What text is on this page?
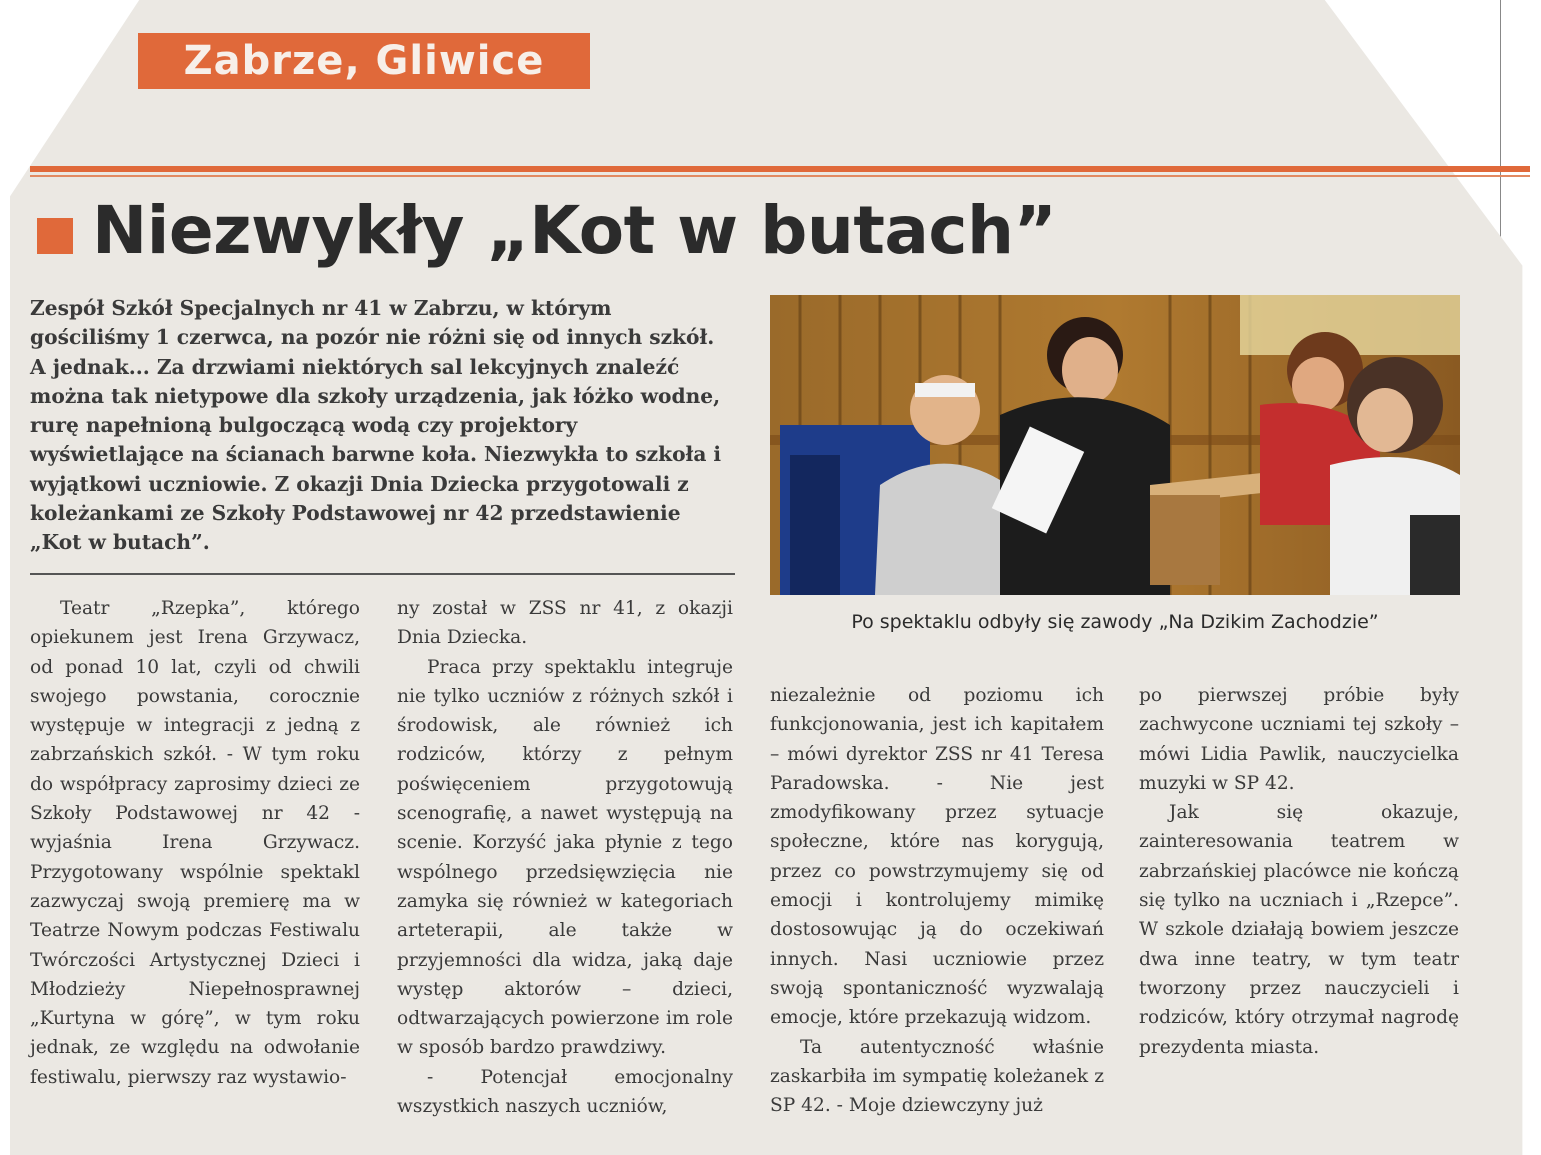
Zabrze, Gliwice
Niezwykły „Kot w butach”
Zespół Szkół Specjalnych nr 41 w Zabrzu, w którym gościliśmy 1 czerwca, na pozór nie różni się od innych szkół. A jednak... Za drzwiami niektórych sal lekcyjnych znaleźć można tak nietypowe dla szkoły urządzenia, jak łóżko wodne, rurę napełnioną bulgoczącą wodą czy projektory wyświetlające na ścianach barwne koła. Niezwykła to szkoła i wyjątkowi uczniowie. Z okazji Dnia Dziecka przygotowali z koleżankami ze Szkoły Podstawowej nr 42 przedstawienie „Kot w butach”.
Po spektaklu odbyły się zawody „Na Dzikim Zachodzie”

Teatr „Rzepka”, którego opiekunem jest Irena Grzywacz, od ponad 10 lat, czyli od chwili swojego powstania, corocznie występuje w integracji z jedną z zabrzańskich szkół. - W tym roku do współpracy zaprosimy dzieci ze Szkoły Podstawowej nr 42 - wyjaśnia Irena Grzywacz. Przygotowany wspólnie spektakl zazwyczaj swoją premierę ma w Teatrze Nowym podczas Festiwalu Twórczości Artystycznej Dzieci i Młodzieży Niepełnosprawnej „Kurtyna w górę”, w tym roku jednak, ze względu na odwołanie festiwalu, pierwszy raz wystawio-

ny został w ZSS nr 41, z okazji Dnia Dziecka.

Praca przy spektaklu integruje nie tylko uczniów z różnych szkół i środowisk, ale również ich rodziców, którzy z pełnym poświęceniem przygotowują scenografię, a nawet występują na scenie. Korzyść jaka płynie z tego wspólnego przedsięwzięcia nie zamyka się również w kategoriach arteterapii, ale także w przyjemności dla widza, jaką daje występ aktorów – dzieci, odtwarzających powierzone im role w sposób bardzo prawdziwy.

- Potencjał emocjonalny wszystkich naszych uczniów,

niezależnie od poziomu ich funkcjonowania, jest ich kapitałem – mówi dyrektor ZSS nr 41 Teresa Paradowska. - Nie jest zmodyfikowany przez sytuacje społeczne, które nas korygują, przez co powstrzymujemy się od emocji i kontrolujemy mimikę dostosowując ją do oczekiwań innych. Nasi uczniowie przez swoją spontaniczność wyzwalają emocje, które przekazują widzom.

Ta autentyczność właśnie zaskarbiła im sympatię koleżanek z SP 42. - Moje dziewczyny już

po pierwszej próbie były zachwycone uczniami tej szkoły – mówi Lidia Pawlik, nauczycielka muzyki w SP 42.

Jak się okazuje, zainteresowania teatrem w zabrzańskiej placówce nie kończą się tylko na uczniach i „Rzepce”. W szkole działają bowiem jeszcze dwa inne teatry, w tym teatr tworzony przez nauczycieli i rodziców, który otrzymał nagrodę prezydenta miasta.
